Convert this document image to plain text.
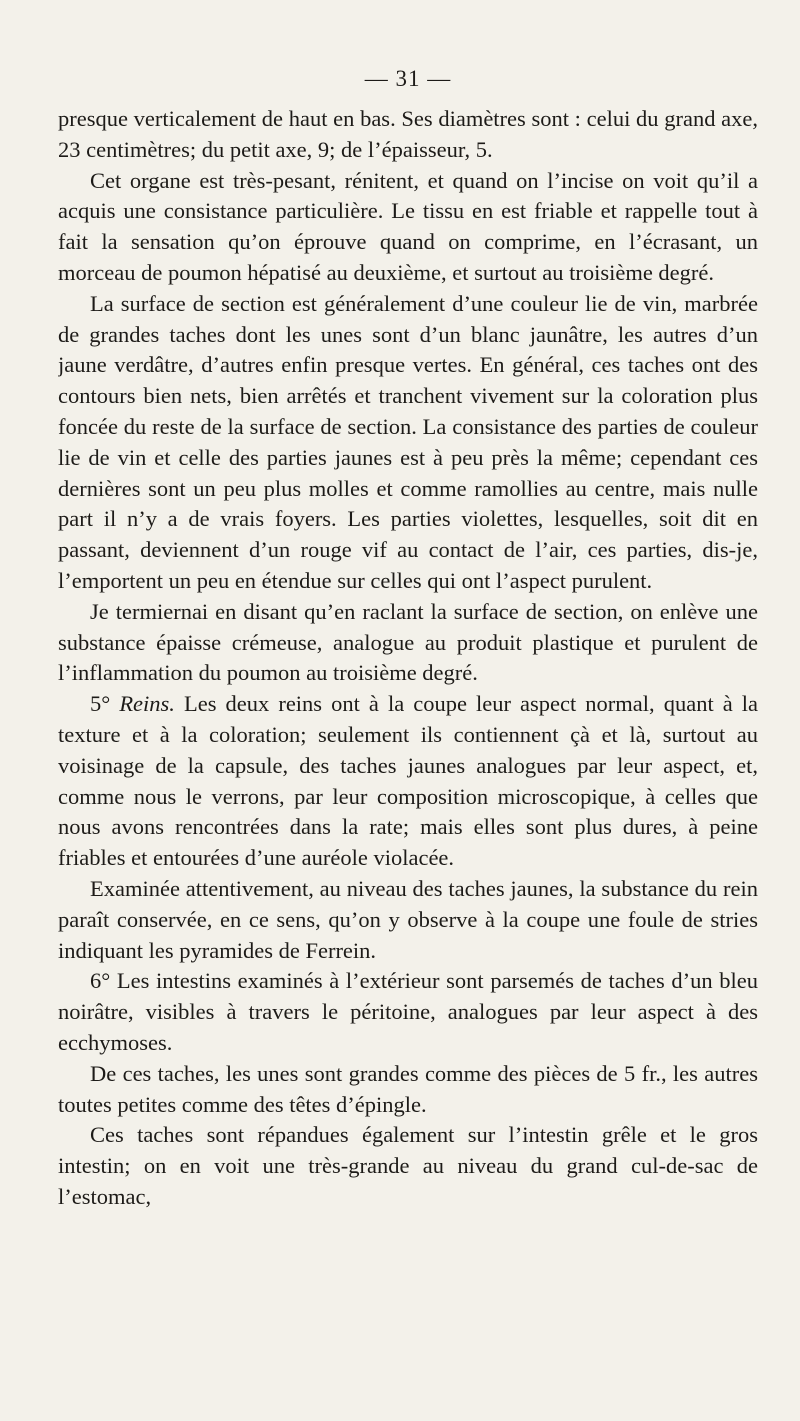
— 31 —

presque verticalement de haut en bas. Ses diamètres sont : celui du grand axe, 23 centimètres; du petit axe, 9; de l’épaisseur, 5.

Cet organe est très-pesant, rénitent, et quand on l’incise on voit qu’il a acquis une consistance particulière. Le tissu en est friable et rappelle tout à fait la sensation qu’on éprouve quand on comprime, en l’écrasant, un morceau de poumon hépatisé au deuxième, et surtout au troisième degré.

La surface de section est généralement d’une couleur lie de vin, marbrée de grandes taches dont les unes sont d’un blanc jaunâtre, les autres d’un jaune verdâtre, d’autres enfin presque vertes. En général, ces taches ont des contours bien nets, bien arrêtés et tranchent vivement sur la coloration plus foncée du reste de la surface de section. La consistance des parties de couleur lie de vin et celle des parties jaunes est à peu près la même; cependant ces dernières sont un peu plus molles et comme ramollies au centre, mais nulle part il n’y a de vrais foyers. Les parties violettes, lesquelles, soit dit en passant, deviennent d’un rouge vif au contact de l’air, ces parties, dis-je, l’emportent un peu en étendue sur celles qui ont l’aspect purulent.

Je termiernai en disant qu’en raclant la surface de section, on enlève une substance épaisse crémeuse, analogue au produit plastique et purulent de l’inflammation du poumon au troisième degré.

5° Reins. Les deux reins ont à la coupe leur aspect normal, quant à la texture et à la coloration; seulement ils contiennent çà et là, surtout au voisinage de la capsule, des taches jaunes analogues par leur aspect, et, comme nous le verrons, par leur composition microscopique, à celles que nous avons rencontrées dans la rate; mais elles sont plus dures, à peine friables et entourées d’une auréole violacée.

Examinée attentivement, au niveau des taches jaunes, la substance du rein paraît conservée, en ce sens, qu’on y observe à la coupe une foule de stries indiquant les pyramides de Ferrein.

6° Les intestins examinés à l’extérieur sont parsemés de taches d’un bleu noirâtre, visibles à travers le péritoine, analogues par leur aspect à des ecchymoses.

De ces taches, les unes sont grandes comme des pièces de 5 fr., les autres toutes petites comme des têtes d’épingle.

Ces taches sont répandues également sur l’intestin grêle et le gros intestin; on en voit une très-grande au niveau du grand cul-de-sac de l’estomac,
